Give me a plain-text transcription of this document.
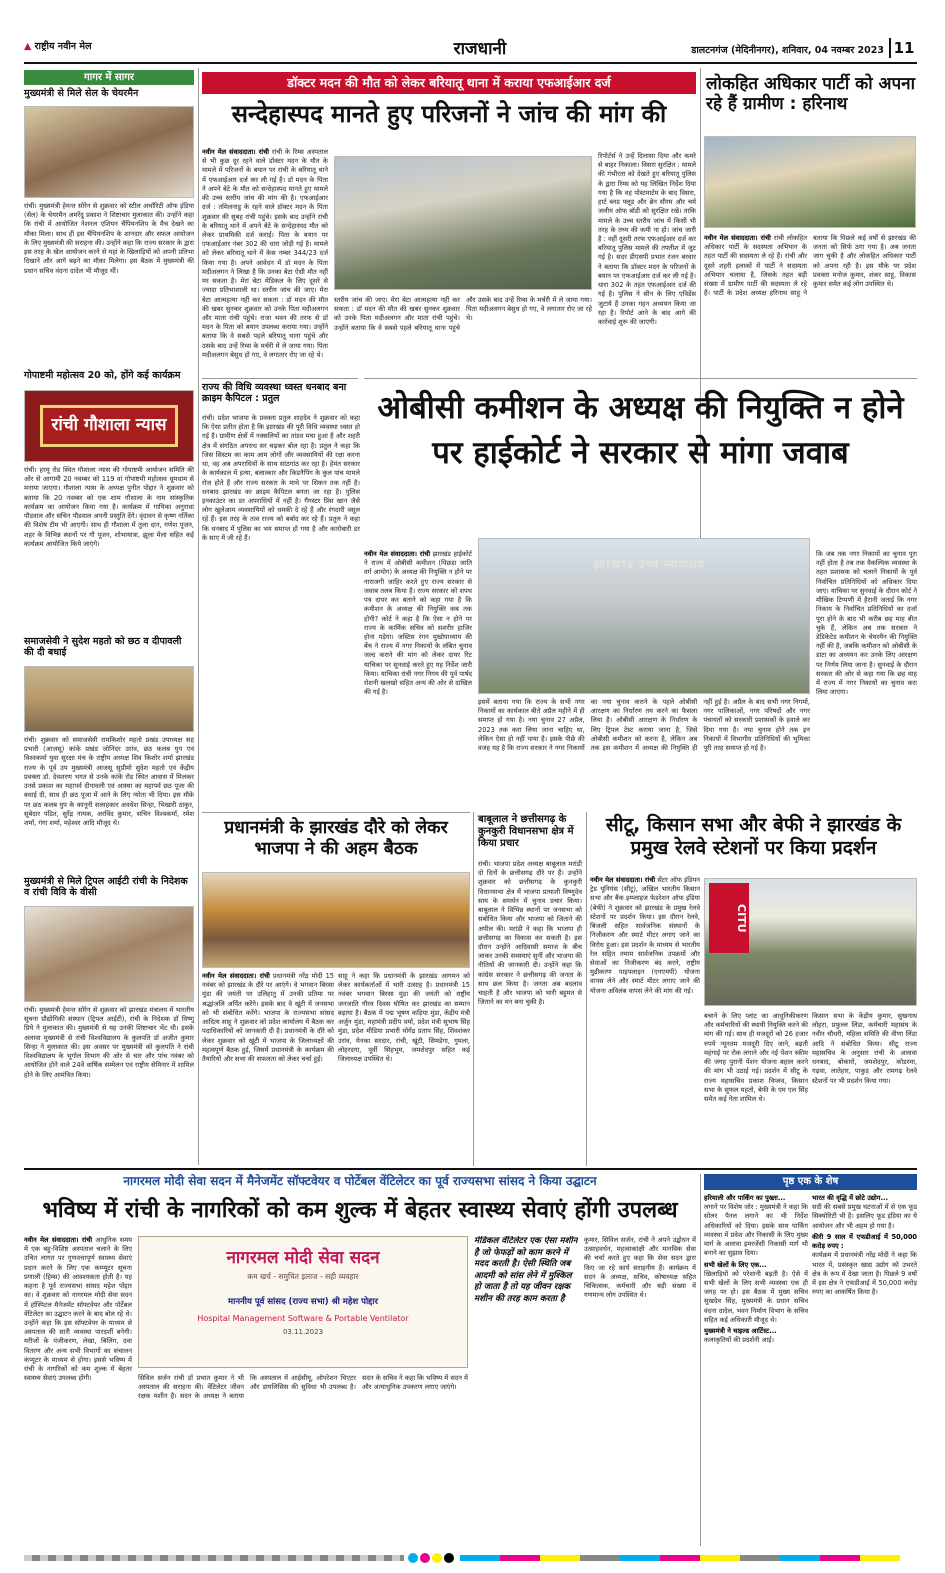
▲ राष्ट्रीय नवीन मेल	राजधानी	डालटनगंज (मेदिनीनगर), शनिवार, 04 नवम्बर 2023 11
गागर में सागर
मुख्यमंत्री से मिले सेल के चेयरमैन
रांची। मुख्यमंत्री हेमन्त सोरेन से शुक्रवार को स्टील अथॉरिटी ऑफ इंडिया (सेल) के चेयरमैन अमरेंदु प्रकाश ने शिष्टाचार मुलाकात की। उन्होंने कहा कि रांची में आयोजित नेशनल एशियन चैंपियनशिप के मैच देखने का मौका मिला। साथ ही इस चैंपियनशिप के शानदार और सफल आयोजन के लिए मुख्यमंत्री की सराहना की। उन्होंने कहा कि राज्य सरकार के द्वारा इस तरह के खेल आयोजन करने से यहां के खिलाड़ियों को अपनी प्रतिभा दिखाने और आगे बढ़ने का मौका मिलेगा। इस बैठक में मुख्यमंत्री की प्रधान सचिव वंदना दादेल भी मौजूद थीं।
गोपाष्टमी महोत्सव 20 को, होंगे कई कार्यक्रम
रांची गौशाला न्यास
रांची। हरमू रोड स्थित गौशाला न्यास की गोपाष्टमी आयोजन समिति की ओर से आगामी 20 नवम्बर को 119 वां गोपाष्टमी महोत्सव धूमधाम से मनाया जाएगा। गौशाला न्यास के अध्यक्ष पुनीत पोद्दार ने शुक्रवार को बताया कि 20 नवम्बर को एक शाम गौशाला के नाम सांस्कृतिक कार्यक्रम का आयोजन किया गया है। कार्यक्रम में गायिका अनुराधा पौडवाल और सचिन पौडवाल अपनी प्रस्तुति देंगे। वृंदावन से कृष्ण नर्तिका की विशेष टीम भी आएगी। साथ ही गौशाला में तुला दान, गणेश पूजन, शहर के विभिन्न स्थानों पर गौ पूजन, शोभायात्रा, झूला मेला सहित कई कार्यक्रम आयोजित किये जाएंगे।
समाजसेवी ने सुदेश महतो को छठ व दीपावली की दी बधाई
रांची। शुक्रवार को समाजसेवी रामकिशोर महतो प्रखंड उपाध्यक्ष सह प्रभारी (आजसू) कांके प्रखंड जोनिंदर उरांव, छठ कलब युप एवं विश्वकर्मा युवा सुरक्षा मंच के राष्ट्रीय अध्यक्ष शिव किशोर शर्मा झारखंड राज्य के पूर्व उप मुख्यमंत्री आजसू सुप्रीमो सुदेश महतो एवं केंद्रीय प्रवक्ता डॉ. देवशरण भगत से उनके कांके रोड स्थित आवास में मिलकर उनसे प्रकाश का महापर्व दीपावली एवं आस्था का महापर्व छठ पूजा की बधाई दी, साथ ही छठ पूजा में आने के लिए न्योता भी दिया। इस मौके पर छठ कलब युप के कानूनी सलाहकार अवधेश सिन्हा, भिखारी ठाकुर, सूबेदार पंडित, सुरेंद्र नायक, अरविंद कुमार, सचिन विश्वकर्मा, रमेश शर्मा, गंगा शर्मा, महेश्वर आदि मौजूद थे।
मुख्यमंत्री से मिले ट्रिपल आईटी रांची के निदेशक व रांची विवि के वीसी
रांची। मुख्यमंत्री हेमन्त सोरेन से शुक्रवार को झारखंड मंत्रालय में भारतीय सूचना प्रौद्योगिकी संस्थान (ट्रिपल आईटी), रांची के निदेशक डॉ विष्णु प्रिये ने मुलाकात की। मुख्यमंत्री से यह उनकी शिष्टाचार भेंट थी। इसके अलावा मुख्यमंत्री से रांची विश्वविद्यालय के कुलपति डॉ अजीत कुमार सिन्हा ने मुलाकात की। इस अवसर पर मुख्यमंत्री को कुलपति ने रांची विश्वविद्यालय के भूगोल विभाग की ओर से चार और पांच नवंबर को आयोजित होने वाले 24वें वार्षिक सम्मेलन एवं राष्ट्रीय सेमिनार में शामिल होने के लिए आमंत्रित किया।
डॉक्टर मदन की मौत को लेकर बरियातू थाना में कराया एफआईआर दर्ज
सन्देहास्पद मानते हुए परिजनों ने जांच की मांग की
नवीन मेल संवाददाता। रांची रांची के रिम्स अस्पताल से भी कुछ दूर रहने वाले डॉक्टर मदन के मौत के मामले में परिजनों के बयान पर रांची के बरियातू थाने में एफआईआर दर्ज कर ली गई है। डॉ मदन के पिता ने अपने बेटे के मौत को सन्देहास्पद मानते हुए मामले की उच्च स्तरीय जांच की मांग की है। एफआईआर दर्ज : तमिलनाडु के रहने वाले डॉक्टर मदन के पिता शुक्रवार की सुबह रांची पहुंचे। इसके बाद उन्होंने रांची के बरियातू थाने में अपने बेटे के सन्देहास्पद मौत को लेकर प्राथमिकी दर्ज कराई। पिता के बयान पर एफआईआर नंबर 302 की धारा जोड़ी गई है। मामले को लेकर बरियातू थाने में केस नम्बर 344/23 दर्ज किया गया है। अपने आवेदन में डॉ मदन के पिता मदीअलगन ने लिखा है कि उनका बेटा ऐसी मौत नहीं मर सकता है। मेरा बेटा मेडिकल के लिए दूसरे से ज्यादा प्रतिभाशाली था। स्तरीय जांच की जाए। मेरा बेटा आत्महत्या नहीं कर सकता : डॉ मदन की मौत की खबर सुनकर शुक्रवार को उनके पिता मदीअलगन और माता रांची पहुंचे। राजा भवन की तरफ से डॉ मदन के पिता को बयान उपलब्ध कराया गया। उन्होंने बताया कि वे सबसे पहले बरियातू थाना पहुंचे और उसके बाद उन्हें रिम्स के मर्चरी में ले जाया गया। पिता मदीअलगन बेसुध हो गए, वे लगातार रोए जा रहे थे।
स्तरीय जांच की जाए। मेरा बेटा आत्महत्या नहीं कर सकता : डॉ मदन की मौत की खबर सुनकर शुक्रवार को उनके पिता मदीअलगन और माता रांची पहुंचे। उन्होंने बताया कि वे सबसे पहले बरियातू थाना पहुंचे और उसके बाद उन्हें रिम्स के मर्चरी में ले जाया गया। पिता मदीअलगन बेसुध हो गए, वे लगातार रोए जा रहे थे।
रिपोर्टर्स ने उन्हें दिलासा दिया और कमरे से बाहर निकाला। विसरा सुरक्षित : मामले की गंभीरता को देखते हुए बरियातू पुलिस के द्वारा रिम्स को यह लिखित निर्देश दिया गया है कि वह पोस्टमार्टम के बाद विसरा, हार्ट ब्लड फ्लूड और ब्रेन सीरम और चर्म जलीय ऑफ बॉडी को सुरक्षित रखे। ताकि मामले के उच्च स्तरीय जांच में किसी भी तरह के तथ्य की कमी ना हो। जांच जारी है : वहीं दूसरी तरफ एफआईआर दर्ज कर बरियातू पुलिस मामले की तफ्तीश में जुट गई है। सदर डीएसपी प्रभात रंजन बरवार ने बताया कि डॉक्टर मदन के परिजनों के बयान पर एफआईआर दर्ज कर ली गई है। धारा 302 के तहत एफआईआर दर्ज की गई है। पुलिस ने सीन के लिए एविडेंस जुटाये हैं उनका गहन अध्ययन किया जा रहा है। रिपोर्ट आने के बाद आगे की कार्रवाई शुरू की जाएगी।
लोकहित अधिकार पार्टी को अपना रहे हैं ग्रामीण : हरिनाथ
नवीन मेल संवाददाता। रांची रांची लोकहित अधिकार पार्टी के सदस्यता अभियान के तहत पार्टी की सदस्यता ले रहे हैं। रांची और दूसरे शहरी इलाकों में पार्टी ने सदस्यता अभियान चलाया है, जिसके तहत बड़ी संख्या में ग्रामीण पार्टी की सदस्यता ले रहे हैं। पार्टी के प्रदेश अध्यक्ष हरिनाथ साहू ने बताया कि पिछले कई वर्षों से झारखंड की जनता को सिर्फ ठगा गया है। अब जनता जाग चुकी है और लोकहित अधिकार पार्टी को अपना रही है। इस मौके पर प्रदेश प्रवक्ता मनोज कुमार, शंकर साहू, विकास कुमार समेत कई लोग उपस्थित थे।
राज्य की विधि व्यवस्था ध्वस्त धनबाद बना क्राइम कैपिटल : प्रतुल
रांची। प्रदेश भाजपा के प्रवक्ता प्रतुल शाहदेव ने शुक्रवार को कहा कि ऐसा प्रतीत होता है कि झारखंड की पूरी विधि व्यवस्था ध्वस्त हो गई है। ग्रामीण क्षेत्रों में नक्सलियों का तांडव मचा हुआ है और शहरी क्षेत्र में संगठित अपराध सर चढ़कर बोल रहा है। प्रतुल ने कहा कि जिस सिस्टम का काम आम लोगों और व्यवसायियों की रक्षा करना था, वह अब अपराधियों के साथ सांठगांठ कर रहा है। हेमंत सरकार के कार्यकाल में हत्या, बलात्कार और किडनैपिंग के कुल पांच मामले रोज होते हैं और राज्य सरकार के माथे पर शिकन तक नहीं है। धनबाद झारखंड का क्राइम कैपिटल बनता जा रहा है। पुलिस इनकाउंटर का डर अपराधियों में नहीं है। गैंगस्टर प्रिंस खान जैसे लोग खुलेआम व्यवसायियों को धमकी दे रहे हैं और रंगदारी वसूल रहे हैं। इस तरह के तत्व राज्य को बर्बाद कर रहे हैं। प्रतुल ने कहा कि धनबाद में पुलिस का भय समाप्त हो गया है और कारोबारी डर के साए में जी रहे हैं।
ओबीसी कमीशन के अध्यक्ष की नियुक्ति न होने पर हाईकोर्ट ने सरकार से मांगा जवाब
नवीन मेल संवाददाता। रांची झारखंड हाईकोर्ट ने राज्य में ओबीसी कमीशन (पिछड़ा जाति वर्ग आयोग) के अध्यक्ष की नियुक्ति न होने पर नाराजगी जाहिर करते हुए राज्य सरकार से जवाब तलब किया है। राज्य सरकार को शपथ पत्र दायर कर बताने को कहा गया है कि कमीशन के अध्यक्ष की नियुक्ति कब तक होगी? कोर्ट ने कहा है कि ऐसा न होने पर राज्य के कार्मिक सचिव को सशरीर हाजिर होना पड़ेगा। जस्टिस रंगन मुखोपाध्याय की बेंच ने राज्य में नगर निकायों के लंबित चुनाव जल्द कराने की मांग को लेकर दायर रिट याचिका पर सुनवाई करते हुए यह निर्देश जारी किया। याचिका रांची नगर निगम की पूर्व पार्षद रोशनी खलखो सहित अन्य की ओर से दाखिल की गई है।
झारखण्ड उच्च न्यायालय
इसमें बताया गया कि राज्य के सभी नगर निकायों का कार्यकाल बीते अप्रैल महीने में ही समाप्त हो गया है। नया चुनाव 27 अप्रैल, 2023 तक करा लिया जाना चाहिए था, लेकिन ऐसा हो नहीं पाया है। इसके पीछे की वजह यह है कि राज्य सरकार ने नगर निकायों का नया चुनाव कराने के पहले ओबीसी आरक्षण का निर्धारण तय करने का फैसला लिया है। ओबीसी आरक्षण के निर्धारण के लिए ट्रिपल टेस्ट कराया जाना है, जिसे ओबीसी कमीशन को करना है, लेकिन अब तक इस कमीशन में अध्यक्ष की नियुक्ति ही नहीं हुई है। अप्रैल के बाद सभी नगर निगमों, नगर पालिकाओं, नगर परिषदों और नगर पंचायतों को सरकारी प्रशासकों के हवाले कर दिया गया है। नया चुनाव होने तक इन निकायों में विभागीय प्रतिनिधियों की भूमिका पूरी तरह समाप्त हो गई है।
कि जब तक नगर निकायों का चुनाव पूरा नहीं होता है तब तक वैकल्पिक व्यवस्था के तहत प्रशासक को चलाने निकायों के पूर्व निर्वाचित प्रतिनिधियों को अधिकार दिया जाए। याचिका पर सुनवाई के दौरान कोर्ट ने मौखिक टिप्पणी में हैरानी जताई कि नगर निकाय के निर्वाचित प्रतिनिधियों का दर्जा पूरा होने के बाद भी करीब छह माह बीत चुके हैं, लेकिन अब तक सरकार ने डेडिकेटेड कमीशन के चेयरमैन की नियुक्ति नहीं की है, जबकि कमीशन को ओबीसी के डाटा का अध्ययन कर उनके लिए आरक्षण पर निर्णय लिया जाना है। सुनवाई के दौरान सरकार की ओर से कहा गया कि छह माह में राज्य में नगर निकायों का चुनाव करा लिया जाएगा।
प्रधानमंत्री के झारखंड दौरे को लेकर भाजपा ने की अहम बैठक
नवीन मेल संवाददाता। रांची प्रधानमंत्री नरेंद्र मोदी 15 नवंबर को झारखंड के दौरे पर आएंगे। वे भगवान बिरसा मुंडा की जयंती पर उलिहातु में उनकी प्रतिमा पर श्रद्धांजलि अर्पित करेंगे। इसके बाद वे खूंटी में जनसभा को भी संबोधित करेंगे। भाजपा के राज्यसभा सांसद आदित्य साहू ने शुक्रवार को प्रदेश कार्यालय में बैठक कर पदाधिकारियों को जानकारी दी है। प्रधानमंत्री के दौरे को लेकर शुक्रवार को खूंटी में भाजपा के जिलाध्यक्षों की महत्वपूर्ण बैठक हुई, जिसमें प्रधानमंत्री के कार्यक्रम की तैयारियों और सभा की सफलता को लेकर चर्चा हुई।
साहू ने कहा कि प्रधानमंत्री के झारखंड आगमन को लेकर कार्यकर्ताओं में भारी उत्साह है। प्रधानमंत्री 15 नवंबर भगवान बिरसा मुंडा की जयंती को राष्ट्रीय जनजाति गौरव दिवस घोषित कर झारखंड का सम्मान बढ़ाया है। बैठक में पद्म भूषण कड़िया मुंडा, केंद्रीय मंत्री अर्जुन मुंडा, महामंत्री प्रदीप वर्मा, प्रदेश मंत्री सुभाष सिंह मुंडा, प्रदेश मीडिया प्रभारी योगेंद्र प्रताप सिंह, शिवशंकर उरांव, मेनका सरदार, रांची, खूंटी, सिमडेगा, गुमला, लोहरदगा, पूर्वी सिंहभूम, जमशेदपुर सहित कई जिलाध्यक्ष उपस्थित थे।
बाबूलाल ने छत्तीसगढ़ के कुनकुरी विधानसभा क्षेत्र में किया प्रचार
रांची। भाजपा प्रदेश अध्यक्ष बाबूलाल मरांडी दो दिनों के छत्तीसगढ़ दौरे पर हैं। उन्होंने शुक्रवार को छत्तीसगढ़ के कुनकुरी विधानसभा क्षेत्र में भाजपा प्रत्याशी विष्णुदेव साय के समर्थन में चुनाव प्रचार किया। बाबूलाल ने विभिन्न स्थानों पर जनसभा को संबोधित किया और भाजपा को जिताने की अपील की। मरांडी ने कहा कि भाजपा ही छत्तीसगढ़ का विकास कर सकती है। इस दौरान उन्होंने आदिवासी समाज के बीच जाकर उनकी समस्याएं सुनीं और भाजपा की नीतियों की जानकारी दी। उन्होंने कहा कि कांग्रेस सरकार ने छत्तीसगढ़ की जनता के साथ छल किया है। जनता अब बदलाव चाहती है और भाजपा को भारी बहुमत से जिताने का मन बना चुकी है।
सीटू, किसान सभा और बेफी ने झारखंड के प्रमुख रेलवे स्टेशनों पर किया प्रदर्शन
नवीन मेल संवाददाता। रांची सेंटर ऑफ इंडियन ट्रेड यूनियंस (सीटू), अखिल भारतीय किसान सभा और बैंक इम्प्लाइज फेडरेशन ऑफ इंडिया (बेफी) ने शुक्रवार को झारखंड के प्रमुख रेलवे स्टेशनों पर प्रदर्शन किया। इस दौरान रेलवे, बिजली सहित सार्वजनिक संस्थानों के निजीकरण और स्मार्ट मीटर लगाए जाने का विरोध हुआ। इस प्रदर्शन के माध्यम से भारतीय रेल सहित तमाम सार्वजनिक उपक्रमों और सेवाओं का निजीकरण बंद करने, राष्ट्रीय मुद्रीकरण पाइपलाइन (एनएमपी) योजना वापस लेने और स्मार्ट मीटर लगाए जाने की योजना अविलंब वापस लेने की मांग की गई।
CITU
बचाने के लिए प्लांट का आधुनिकीकरण और कर्मचारियों की स्थायी नियुक्ति करने की मांग की गई। साथ ही मजदूरों को 26 हजार रुपये न्यूनतम मजदूरी दिए जाने, बढ़ती महंगाई पर रोक लगाने और नई पेंशन स्कीम की जगह पुरानी पेंशन योजना बहाल करने की मांग भी उठाई गई। प्रदर्शन में सीटू के राज्य महासचिव प्रकाश विप्लव, किसान सभा के सुफल महतो, बेफी के एम एल सिंह समेत कई नेता शामिल थे।
किसान सभा के केंद्रीय कुमार, सुखनाथ लोहरा, प्रफुल्ल लिंडा, कर्मचारी महासंघ के नवीन चौधरी, महिला समिति की वीणा लिंडा आदि ने संबोधित किया। सीटू राज्य महासचिव के अनुसार रांची के अलावा धनबाद, बोकारो, जमशेदपुर, कोडरमा, गढ़वा, लातेहार, पाकुड़ और रामगढ़ रेलवे स्टेशनों पर भी प्रदर्शन किया गया।
नागरमल मोदी सेवा सदन में मैनेजमेंट सॉफ्टवेयर व पोर्टेबल वेंटिलेटर का पूर्व राज्यसभा सांसद ने किया उद्घाटन
भविष्य में रांची के नागरिकों को कम शुल्क में बेहतर स्वास्थ्य सेवाएं होंगी उपलब्ध
नवीन मेल संवाददाता। रांची आधुनिक समय में एक बहु-विशिष्ट अस्पताल चलाने के लिए उचित लागत पर गुणवत्तापूर्ण स्वास्थ्य सेवाएं प्रदान करने के लिए एक कम्प्यूटर सूचना प्रणाली (हिम्स) की आवश्यकता होती है। यह कहना है पूर्व राज्यसभा सांसद महेश पोद्दार का। वे शुक्रवार को नागरमल मोदी सेवा सदन में हॉस्पिटल मैनेजमेंट सॉफ्टवेयर और पोर्टेबल वेंटिलेटर का उद्घाटन करने के बाद बोल रहे थे। उन्होंने कहा कि इस सॉफ्टवेयर के माध्यम से अस्पताल की सारी व्यवस्था पारदर्शी बनेगी। मरीजों के पंजीकरण, लेखा, बिलिंग, दवा वितरण और अन्य सभी विभागों का संचालन कंप्यूटर के माध्यम से होगा। इससे भविष्य में रांची के नागरिकों को कम शुल्क में बेहतर स्वास्थ्य सेवाएं उपलब्ध होंगी।
नागरमल मोदी सेवा सदन
कम खर्च - समुचित इलाज - सही व्यवहार
माननीय पूर्व सांसद (राज्य सभा) श्री महेश पोद्दार
Hospital Management Software & Portable Ventilator
03.11.2023
सिविल सर्जन रांची डॉ प्रभात कुमार ने भी अस्पताल की सराहना की। वेंटिलेटर जीवन रक्षक मशीन है। सदन के अध्यक्ष ने बताया कि अस्पताल में आईसीयू, ऑपरेशन थिएटर और डायलिसिस की सुविधा भी उपलब्ध है। सदन के सचिव ने कहा कि भविष्य में सदन में और अत्याधुनिक उपकरण लगाए जाएंगे।
मेडिकल वेंटिलेटर एक ऐसा मशीन है जो फेफड़ों को काम करने में मदद करती है। ऐसी स्थिति जब आदमी को सांस लेने में मुश्किल हो जाता है तो यह जीवन रक्षक मशीन की तरह काम करता है
कुमार, सिविल सर्जन, रांची ने अपने उद्बोधन में उत्साहवर्धन, महत्वाकांक्षी और मानविक सेवा की चर्चा करते हुए कहा कि सेवा सदन द्वारा किए जा रहे कार्य सराहनीय हैं। कार्यक्रम में सदन के अध्यक्ष, सचिव, कोषाध्यक्ष सहित चिकित्सक, कर्मचारी और बड़ी संख्या में गणमान्य लोग उपस्थित थे।
पृष्ठ एक के शेष
हरियाली और पार्किंग का पुख्ता...
लगाने पर विशेष जोर : मुख्यमंत्री ने कहा कि सोलर पैनल लगाने का भी निर्देश अधिकारियों को दिया। इसके साथ पार्किंग व्यवस्था में प्रवेश और निकासी के लिए मुख्य मार्ग के अलावा इमरजेंसी निकासी मार्ग भी बनाने का सुझाव दिया।
सभी खेलों के लिए एक...
खिलाड़ियों को परेशानी बढ़ती है। ऐसे में सभी खेलों के लिए सभी व्यवस्था एक ही जगह पर हो। इस बैठक में मुख्य सचिव सुखदेव सिंह, मुख्यमंत्री के प्रधान सचिव वंदना दादेल, भवन निर्माण विभाग के सचिव सहित कई अधिकारी मौजूद थे।
मुख्यमंत्री ने चाइल्ड आर्टिस्ट...
कलाकृतियों की प्रदर्शनी आई।
भारत की वृद्धि में छोटे उद्योग...
सदी की सबसे प्रमुख घटनाओं में से एक फूड सिक्योरिटी भी है। इसलिए फूड इंडिया का ये आयोजन और भी अहम हो गया है।
कीरी 9 साल में एफडीआई में 50,000 करोड़ रुपए :
कार्यक्रम में प्रधानमंत्री नरेंद्र मोदी ने कहा कि भारत में, प्रसंस्कृत खाद्य उद्योग को उभरते क्षेत्र के रूप में देखा जाता है। पिछले 9 वर्षों में इस क्षेत्र ने एफडीआई में 50,000 करोड़ रुपए का आकर्षित किया है।
